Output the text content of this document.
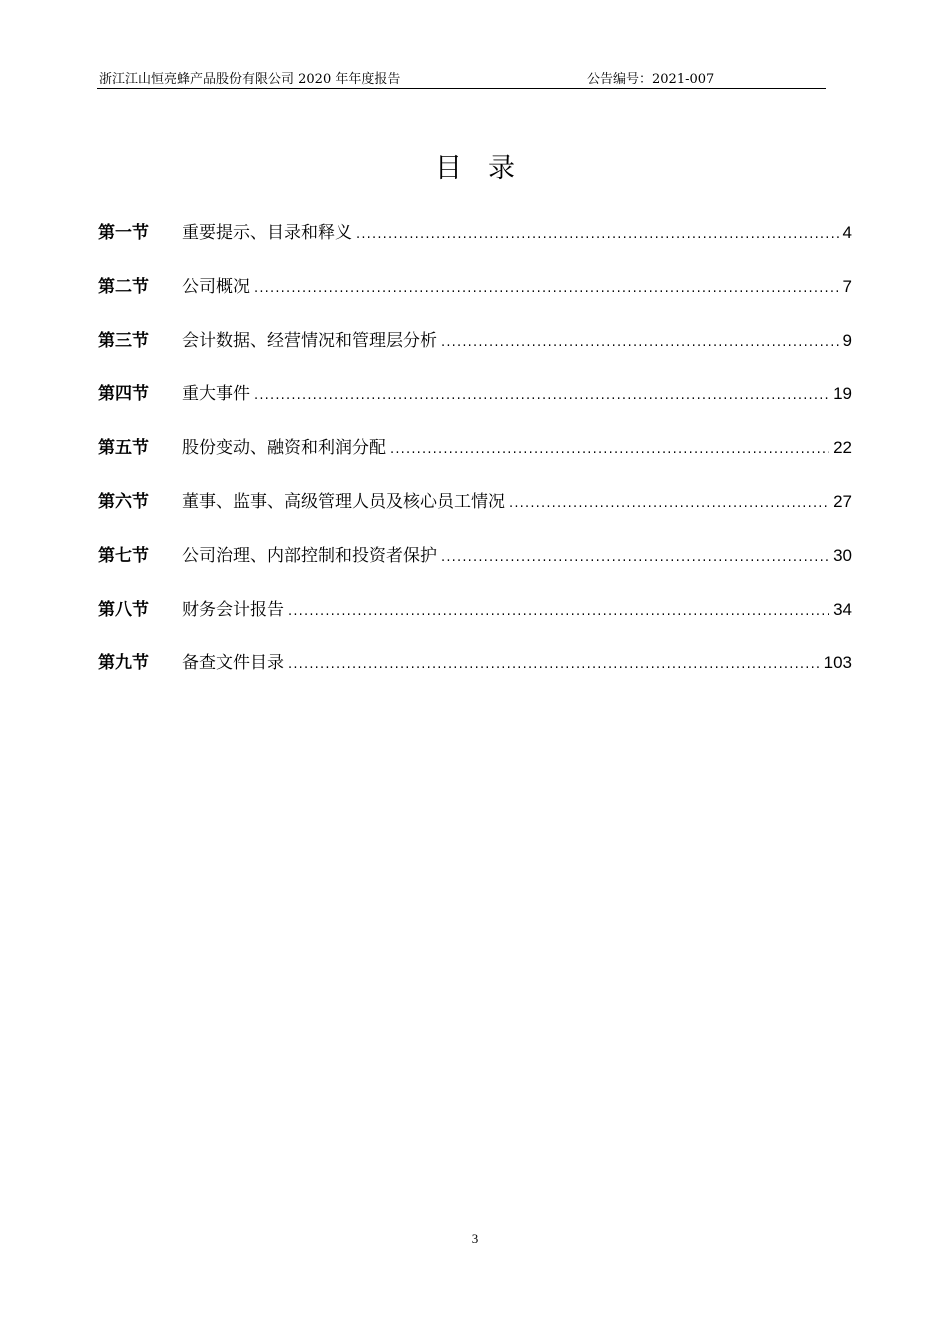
浙江江山恒亮蜂产品股份有限公司 2020 年年度报告	公告编号：2021-007
目录
第一节	重要提示、目录和释义 .....	4
第二节	公司概况 .....	7
第三节	会计数据、经营情况和管理层分析 .....	9
第四节	重大事件 .....	19
第五节	股份变动、融资和利润分配 .....	22
第六节	董事、监事、高级管理人员及核心员工情况 .....	27
第七节	公司治理、内部控制和投资者保护 .....	30
第八节	财务会计报告 .....	34
第九节	备查文件目录 .....	103
3
